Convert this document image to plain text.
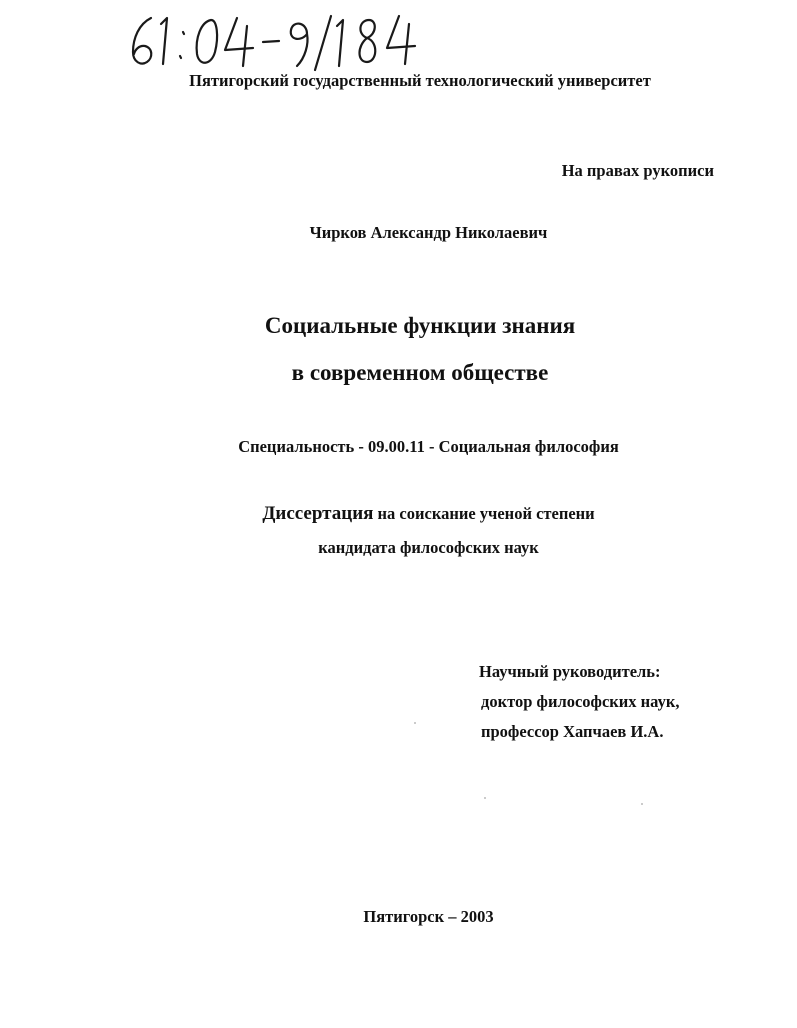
Пятигорский государственный технологический университет
На правах рукописи
Чирков Александр Николаевич
Социальные функции знания
в современном обществе
Специальность - 09.00.11 - Социальная философия
Диссертация на соискание ученой степени
кандидата философских наук
Научный руководитель:
доктор философских наук,
профессор Хапчаев И.А.
Пятигорск – 2003
